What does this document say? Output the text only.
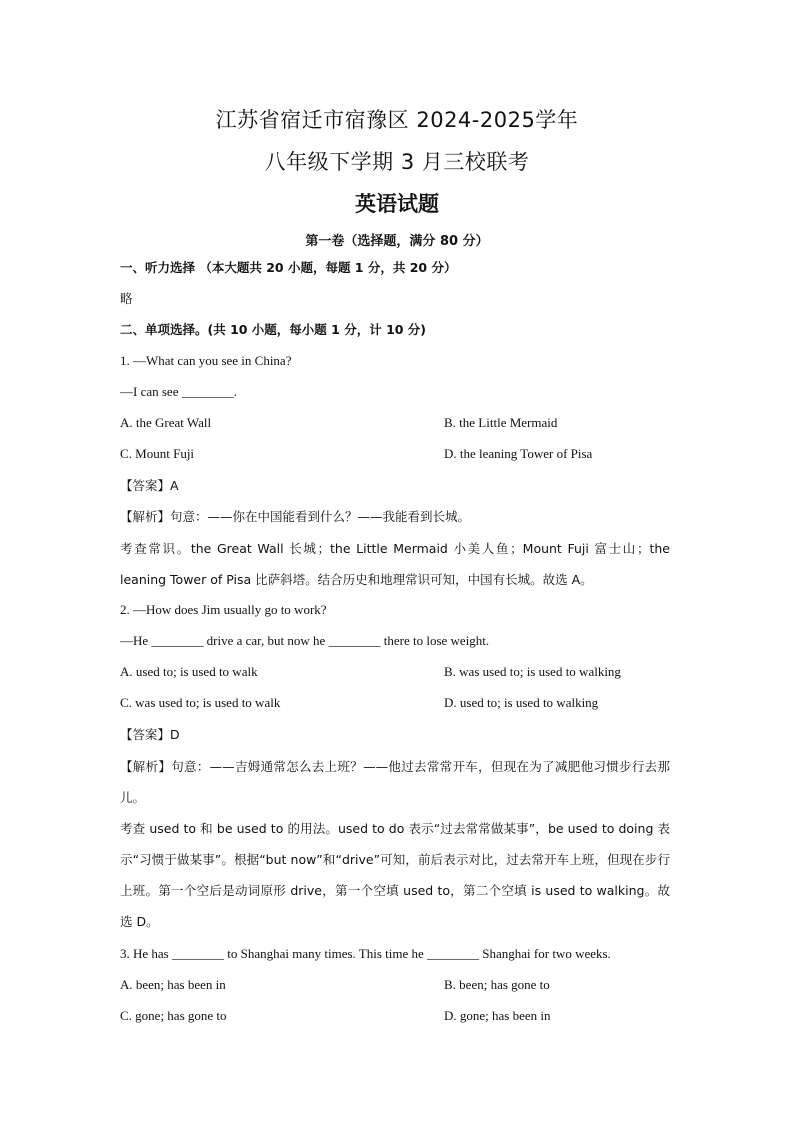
江苏省宿迁市宿豫区 2024-2025学年
八年级下学期 3 月三校联考
英语试题
第一卷（选择题，满分 80 分）
一、听力选择 （本大题共 20 小题，每题 1 分，共 20 分）
略
二、单项选择。(共 10 小题，每小题 1 分，计 10 分)
1. —What can you see in China?
—I can see ________.
A. the Great Wall	B. the Little Mermaid
C. Mount Fuji	D. the leaning Tower of Pisa
【答案】A
【解析】句意：——你在中国能看到什么？——我能看到长城。
考查常识。the Great Wall 长城；the Little Mermaid 小美人鱼；Mount Fuji 富士山；the leaning Tower of Pisa 比萨斜塔。结合历史和地理常识可知，中国有长城。故选 A。
2. —How does Jim usually go to work?
—He ________ drive a car, but now he ________ there to lose weight.
A. used to; is used to walk	B. was used to; is used to walking
C. was used to; is used to walk	D. used to; is used to walking
【答案】D
【解析】句意：——吉姆通常怎么去上班？——他过去常常开车，但现在为了减肥他习惯步行去那儿。
考查 used to 和 be used to 的用法。used to do 表示“过去常常做某事”，be used to doing 表示“习惯于做某事”。根据“but now”和“drive”可知，前后表示对比，过去常开车上班，但现在步行上班。第一个空后是动词原形 drive，第一个空填 used to，第二个空填 is used to walking。故选 D。
3. He has ________ to Shanghai many times. This time he ________ Shanghai for two weeks.
A. been; has been in	B. been; has gone to
C. gone; has gone to	D. gone; has been in
